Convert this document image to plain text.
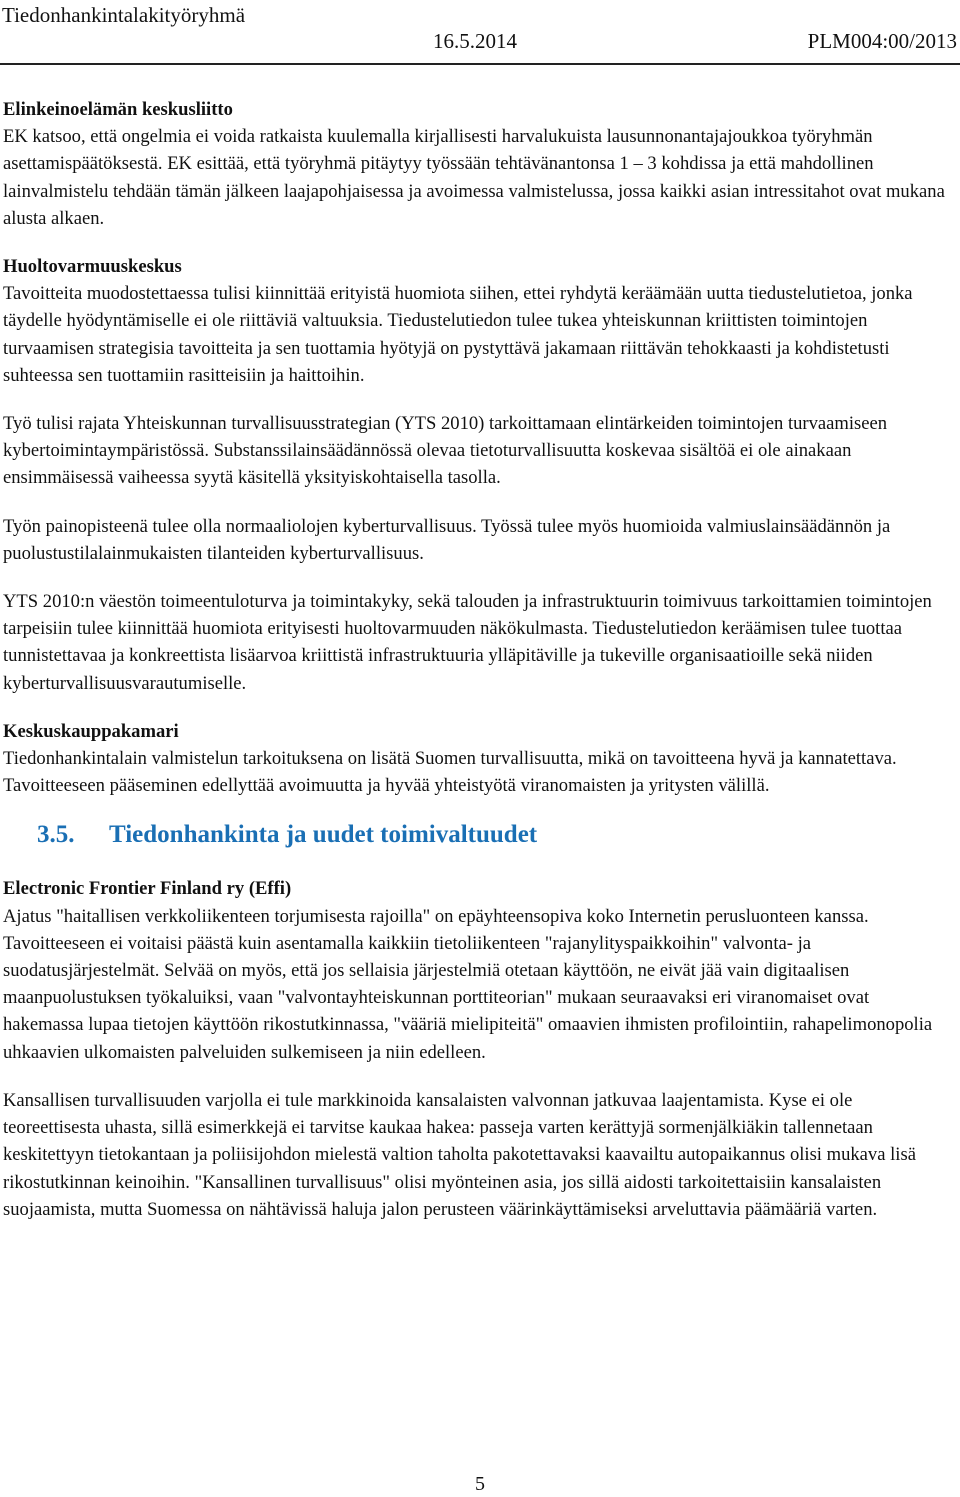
Tiedonhankintalakityöryhmä
16.5.2014	PLM004:00/2013
Elinkeinoelämän keskusliitto

EK katsoo, että ongelmia ei voida ratkaista kuulemalla kirjallisesti harvalukuista lausunnonantajajoukkoa työryhmän asettamispäätöksestä. EK esittää, että työryhmä pitäytyy työssään tehtävänantonsa 1 – 3 kohdissa ja että mahdollinen lainvalmistelu tehdään tämän jälkeen laajapohjaisessa ja avoimessa valmistelussa, jossa kaikki asian intressitahot ovat mukana alusta alkaen.

Huoltovarmuuskeskus

Tavoitteita muodostettaessa tulisi kiinnittää erityistä huomiota siihen, ettei ryhdytä keräämään uutta tiedustelutietoa, jonka täydelle hyödyntämiselle ei ole riittäviä valtuuksia. Tiedustelutiedon tulee tukea yhteiskunnan kriittisten toimintojen turvaamisen strategisia tavoitteita ja sen tuottamia hyötyjä on pystyttävä jakamaan riittävän tehokkaasti ja kohdistetusti suhteessa sen tuottamiin rasitteisiin ja haittoihin.

Työ tulisi rajata Yhteiskunnan turvallisuusstrategian (YTS 2010) tarkoittamaan elintärkeiden toimintojen turvaamiseen kybertoimintaympäristössä. Substanssilainsäädännössä olevaa tietoturvallisuutta koskevaa sisältöä ei ole ainakaan ensimmäisessä vaiheessa syytä käsitellä yksityiskohtaisella tasolla.

Työn painopisteenä tulee olla normaaliolojen kyberturvallisuus. Työssä tulee myös huomioida valmiuslainsäädännön ja puolustustilalainmukaisten tilanteiden kyberturvallisuus.

YTS 2010:n väestön toimeentuloturva ja toimintakyky, sekä talouden ja infrastruktuurin toimivuus tarkoittamien toimintojen tarpeisiin tulee kiinnittää huomiota erityisesti huoltovarmuuden näkökulmasta. Tiedustelutiedon keräämisen tulee tuottaa tunnistettavaa ja konkreettista lisäarvoa kriittistä infrastruktuuria ylläpitäville ja tukeville organisaatioille sekä niiden kyberturvallisuusvarautumiselle.

Keskuskauppakamari

Tiedonhankintalain valmistelun tarkoituksena on lisätä Suomen turvallisuutta, mikä on tavoitteena hyvä ja kannatettava. Tavoitteeseen pääseminen edellyttää avoimuutta ja hyvää yhteistyötä viranomaisten ja yritysten välillä.

3.5. Tiedonhankinta ja uudet toimivaltuudet
Electronic Frontier Finland ry (Effi)

Ajatus "haitallisen verkkoliikenteen torjumisesta rajoilla" on epäyhteensopiva koko Internetin perusluonteen kanssa. Tavoitteeseen ei voitaisi päästä kuin asentamalla kaikkiin tietoliikenteen "rajanylityspaikkoihin" valvonta- ja suodatusjärjestelmät. Selvää on myös, että jos sellaisia järjestelmiä otetaan käyttöön, ne eivät jää vain digitaalisen maanpuolustuksen työkaluiksi, vaan "valvontayhteiskunnan porttiteorian" mukaan seuraavaksi eri viranomaiset ovat hakemassa lupaa tietojen käyttöön rikostutkinnassa, "vääriä mielipiteitä" omaavien ihmisten profilointiin, rahapelimonopolia uhkaavien ulkomaisten palveluiden sulkemiseen ja niin edelleen.

Kansallisen turvallisuuden varjolla ei tule markkinoida kansalaisten valvonnan jatkuvaa laajentamista. Kyse ei ole teoreettisesta uhasta, sillä esimerkkejä ei tarvitse kaukaa hakea: passeja varten kerättyjä sormenjälkiäkin tallennetaan keskitettyyn tietokantaan ja poliisijohdon mielestä valtion taholta pakotettavaksi kaavailtu autopaikannus olisi mukava lisä rikostutkinnan keinoihin. "Kansallinen turvallisuus" olisi myönteinen asia, jos sillä aidosti tarkoitettaisiin kansalaisten suojaamista, mutta Suomessa on nähtävissä haluja jalon perusteen väärinkäyttämiseksi arveluttavia päämääriä varten.

5
